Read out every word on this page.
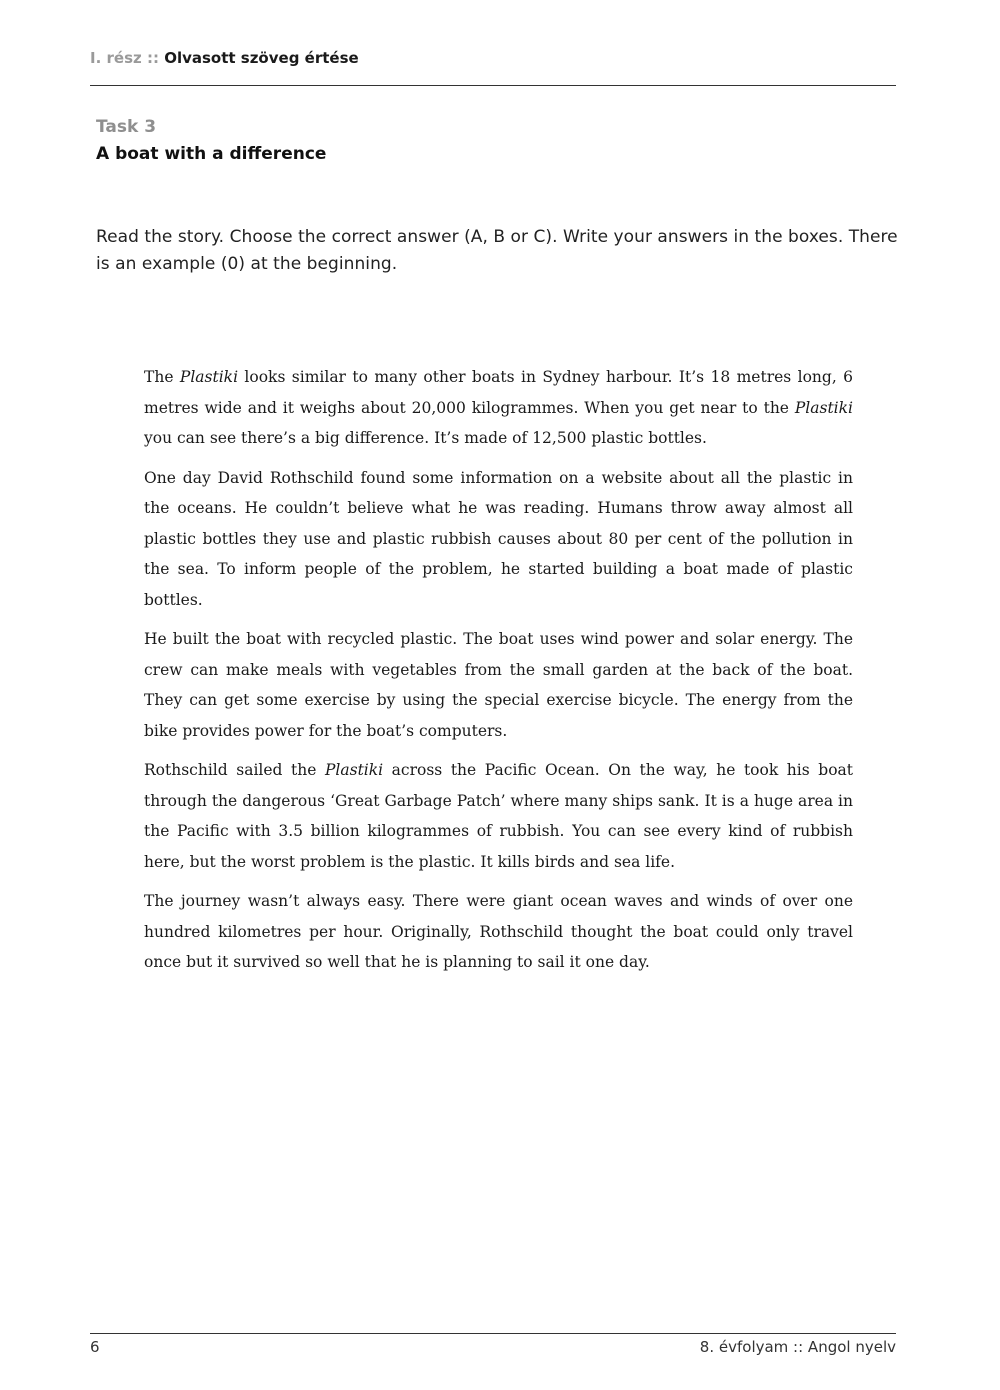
I. rész :: Olvasott szöveg értése
Task 3
A boat with a difference

Read the story. Choose the correct answer (A, B or C). Write your answers in the boxes. There is an example (0) at the beginning.

The Plastiki looks similar to many other boats in Sydney harbour. It’s 18 metres long, 6 metres wide and it weighs about 20,000 kilogrammes. When you get near to the Plastiki you can see there’s a big difference. It’s made of 12,500 plastic bottles.

One day David Rothschild found some information on a website about all the plastic in the oceans. He couldn’t believe what he was reading. Humans throw away almost all plastic bottles they use and plastic rubbish causes about 80 per cent of the pollution in the sea. To inform people of the problem, he started building a boat made of plastic bottles.

He built the boat with recycled plastic. The boat uses wind power and solar energy. The crew can make meals with vegetables from the small garden at the back of the boat. They can get some exercise by using the special exercise bicycle. The energy from the bike provides power for the boat’s computers.

Rothschild sailed the Plastiki across the Pacific Ocean. On the way, he took his boat through the dangerous ‘Great Garbage Patch’ where many ships sank. It is a huge area in the Pacific with 3.5 billion kilogrammes of rubbish. You can see every kind of rubbish here, but the worst problem is the plastic. It kills birds and sea life.

The journey wasn’t always easy. There were giant ocean waves and winds of over one hundred kilometres per hour. Originally, Rothschild thought the boat could only travel once but it survived so well that he is planning to sail it one day.

6	8. évfolyam :: Angol nyelv
